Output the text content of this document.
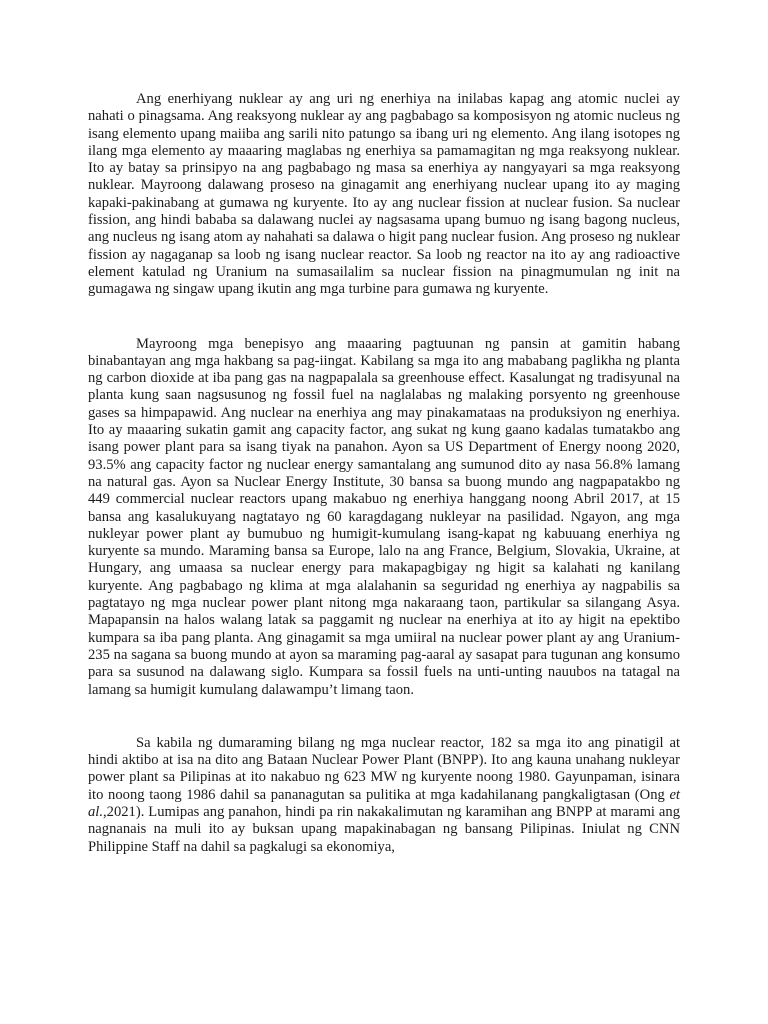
Ang enerhiyang nuklear ay ang uri ng enerhiya na inilabas kapag ang atomic nuclei ay nahati o pinagsama. Ang reaksyong nuklear ay ang pagbabago sa komposisyon ng atomic nucleus ng isang elemento upang maiiba ang sarili nito patungo sa ibang uri ng elemento. Ang ilang isotopes ng ilang mga elemento ay maaaring maglabas ng enerhiya sa pamamagitan ng mga reaksyong nuklear. Ito ay batay sa prinsipyo na ang pagbabago ng masa sa enerhiya ay nangyayari sa mga reaksyong nuklear. Mayroong dalawang proseso na ginagamit ang enerhiyang nuclear upang ito ay maging kapaki-pakinabang at gumawa ng kuryente. Ito ay ang nuclear fission at nuclear fusion. Sa nuclear fission, ang hindi bababa sa dalawang nuclei ay nagsasama upang bumuo ng isang bagong nucleus, ang nucleus ng isang atom ay nahahati sa dalawa o higit pang nuclear fusion. Ang proseso ng nuklear fission ay nagaganap sa loob ng isang nuclear reactor. Sa loob ng reactor na ito ay ang radioactive element katulad ng Uranium na sumasailalim sa nuclear fission na pinagmumulan ng init na gumagawa ng singaw upang ikutin ang mga turbine para gumawa ng kuryente.

Mayroong mga benepisyo ang maaaring pagtuunan ng pansin at gamitin habang binabantayan ang mga hakbang sa pag-iingat. Kabilang sa mga ito ang mababang paglikha ng planta ng carbon dioxide at iba pang gas na nagpapalala sa greenhouse effect. Kasalungat ng tradisyunal na planta kung saan nagsusunog ng fossil fuel na naglalabas ng malaking porsyento ng greenhouse gases sa himpapawid. Ang nuclear na enerhiya ang may pinakamataas na produksiyon ng enerhiya. Ito ay maaaring sukatin gamit ang capacity factor, ang sukat ng kung gaano kadalas tumatakbo ang isang power plant para sa isang tiyak na panahon. Ayon sa US Department of Energy noong 2020, 93.5% ang capacity factor ng nuclear energy samantalang ang sumunod dito ay nasa 56.8% lamang na natural gas. Ayon sa Nuclear Energy Institute, 30 bansa sa buong mundo ang nagpapatakbo ng 449 commercial nuclear reactors upang makabuo ng enerhiya hanggang noong Abril 2017, at 15 bansa ang kasalukuyang nagtatayo ng 60 karagdagang nukleyar na pasilidad. Ngayon, ang mga nukleyar power plant ay bumubuo ng humigit-kumulang isang-kapat ng kabuuang enerhiya ng kuryente sa mundo. Maraming bansa sa Europe, lalo na ang France, Belgium, Slovakia, Ukraine, at Hungary, ang umaasa sa nuclear energy para makapagbigay ng higit sa kalahati ng kanilang kuryente. Ang pagbabago ng klima at mga alalahanin sa seguridad ng enerhiya ay nagpabilis sa pagtatayo ng mga nuclear power plant nitong mga nakaraang taon, partikular sa silangang Asya. Mapapansin na halos walang latak sa paggamit ng nuclear na enerhiya at ito ay higit na epektibo kumpara sa iba pang planta. Ang ginagamit sa mga umiiral na nuclear power plant ay ang Uranium-235 na sagana sa buong mundo at ayon sa maraming pag-aaral ay sasapat para tugunan ang konsumo para sa susunod na dalawang siglo. Kumpara sa fossil fuels na unti-unting nauubos na tatagal na lamang sa humigit kumulang dalawampu’t limang taon.

Sa kabila ng dumaraming bilang ng mga nuclear reactor, 182 sa mga ito ang pinatigil at hindi aktibo at isa na dito ang Bataan Nuclear Power Plant (BNPP). Ito ang kauna unahang nukleyar power plant sa Pilipinas at ito nakabuo ng 623 MW ng kuryente noong 1980. Gayunpaman, isinara ito noong taong 1986 dahil sa pananagutan sa pulitika at mga kadahilanang pangkaligtasan (Ong et al.,2021). Lumipas ang panahon, hindi pa rin nakakalimutan ng karamihan ang BNPP at marami ang nagnanais na muli ito ay buksan upang mapakinabagan ng bansang Pilipinas. Iniulat ng CNN Philippine Staff na dahil sa pagkalugi sa ekonomiya,
